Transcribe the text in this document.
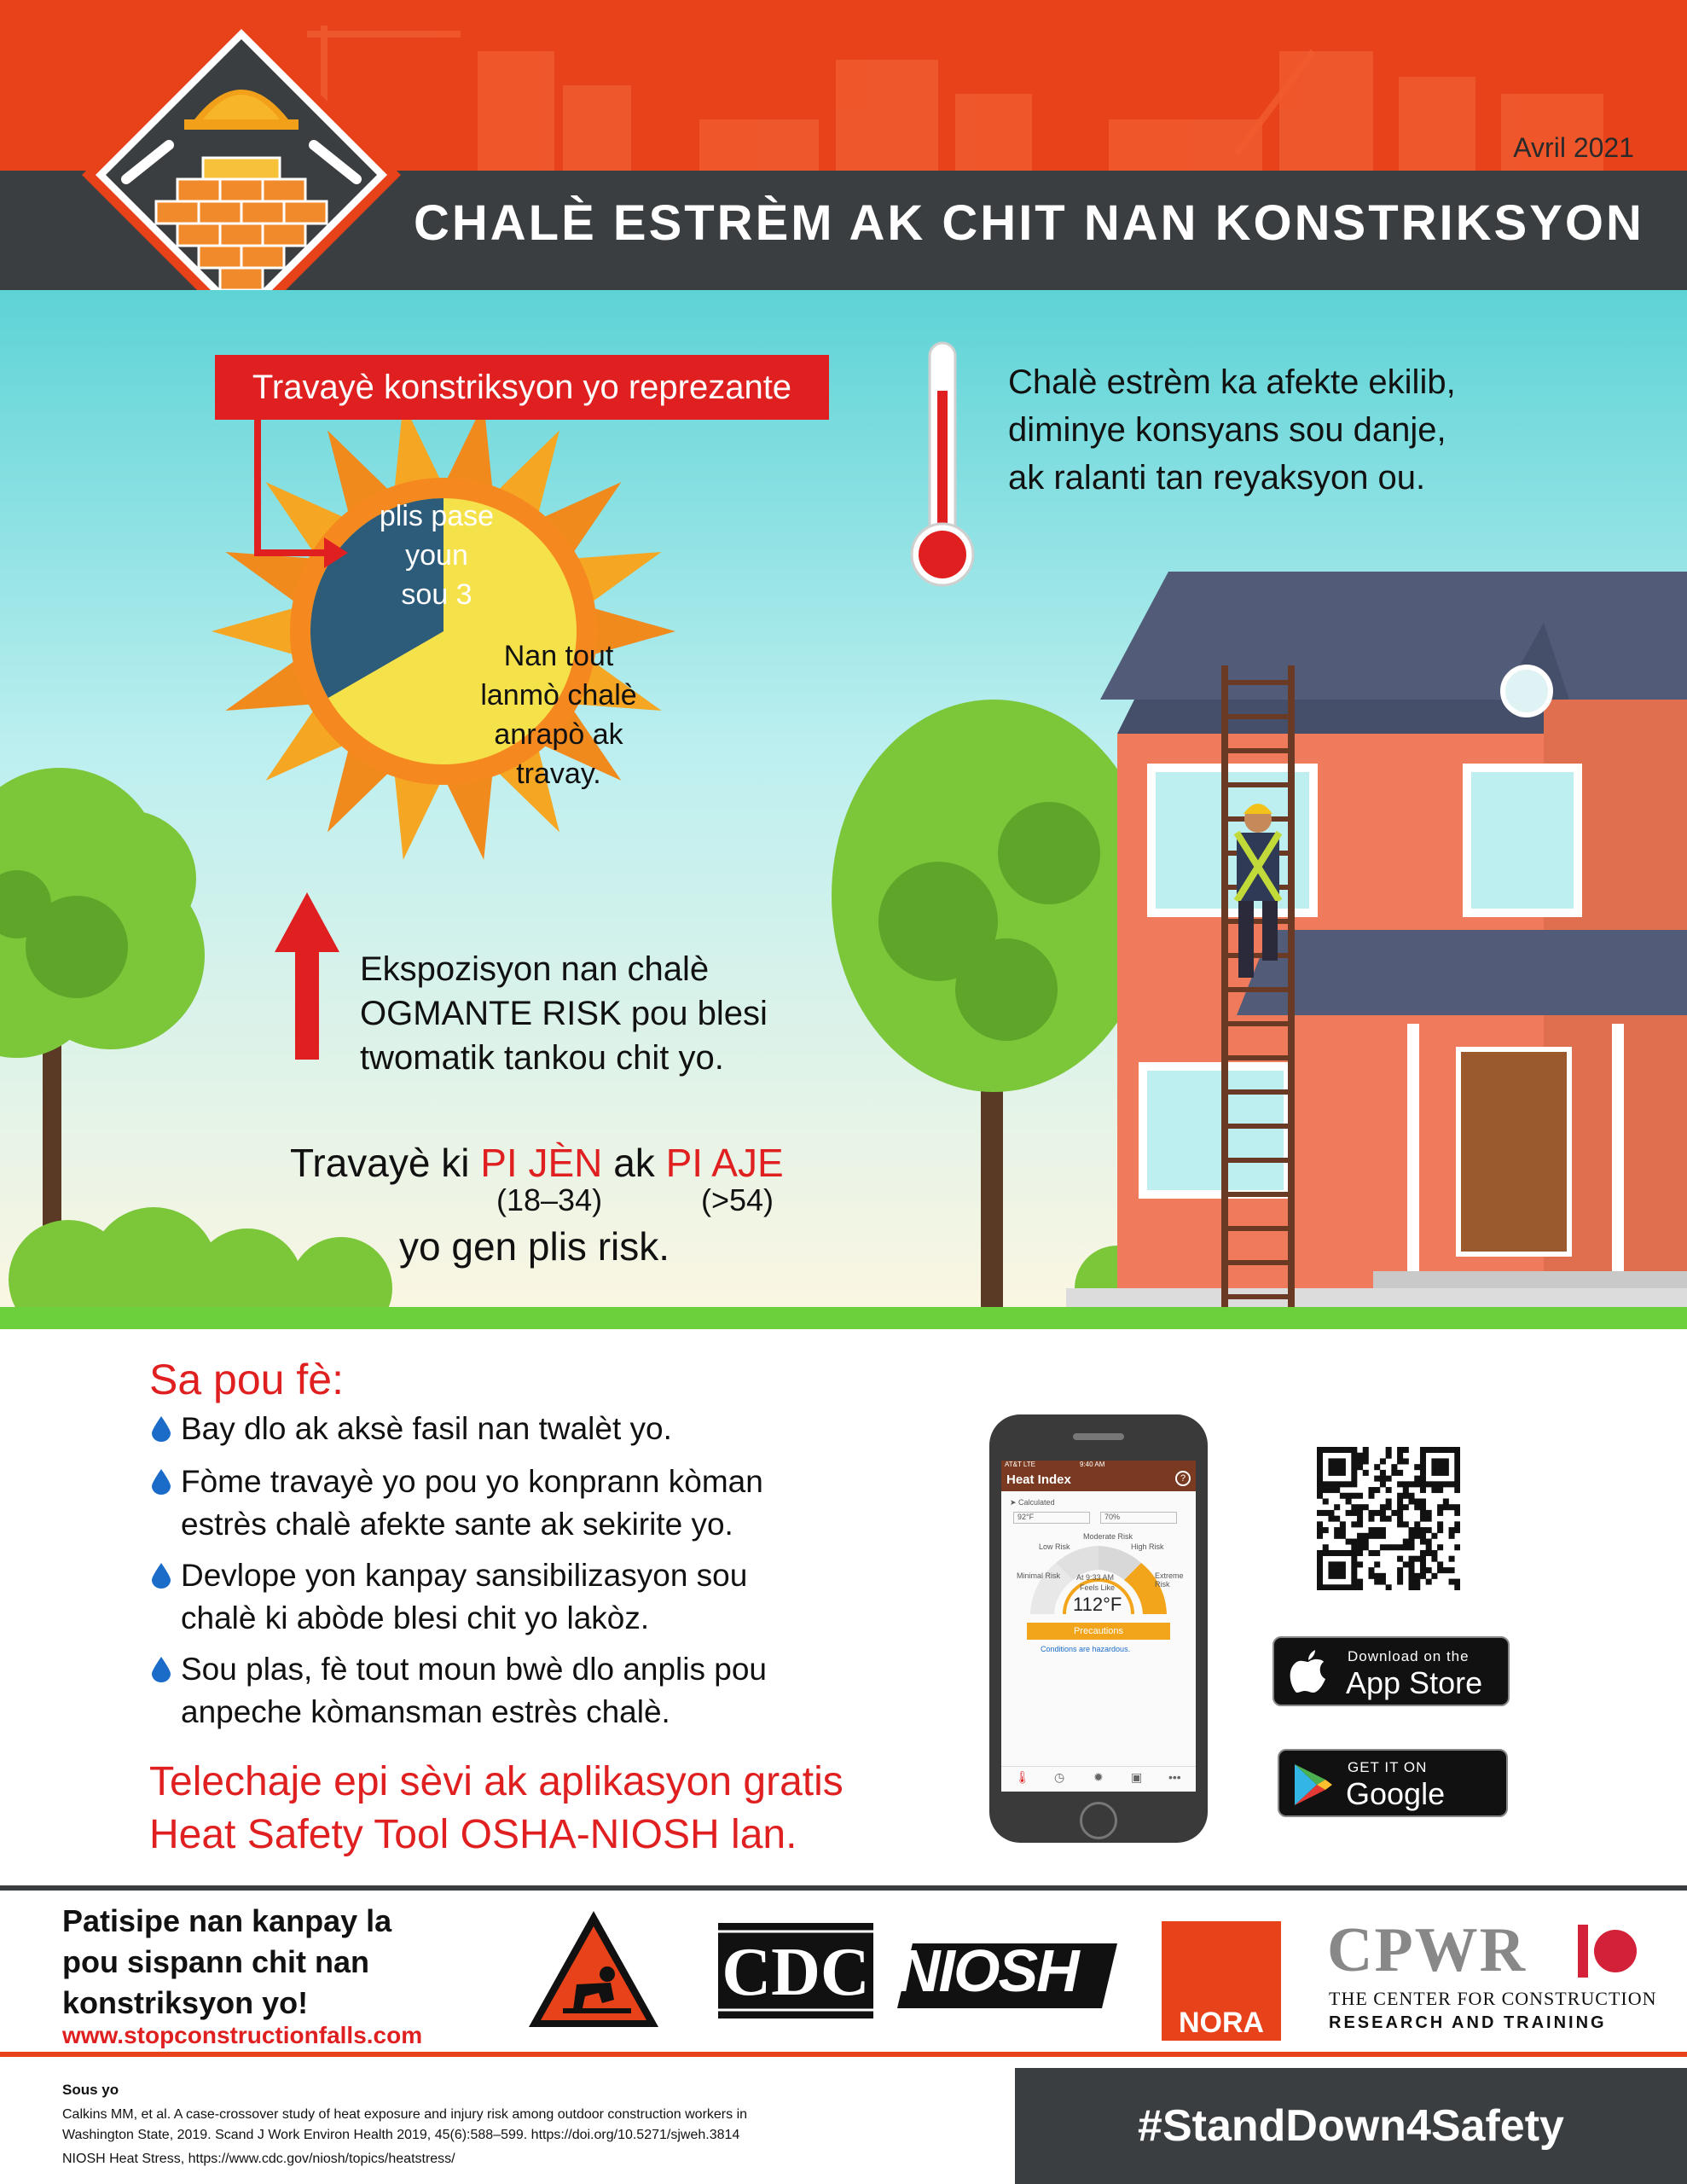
Avril 2021
CHALÈ ESTRÈM AK CHIT NAN KONSTRIKSYON
Travayè konstriksyon yo reprezante
plis pase
youn
sou 3
Nan tout
lanmò chalè
anrapò ak
travay.
Chalè estrèm ka afekte ekilib,
diminye konsyans sou danje,
ak ralanti tan reyaksyon ou.
Ekspozisyon nan chalè
OGMANTE RISK pou blesi
twomatik tankou chit yo.
Travayè ki PI JÈN ak PI AJE
(18–34)	(>54)
yo gen plis risk.
Sa pou fè:
Bay dlo ak aksè fasil nan twalèt yo.
Fòme travayè yo pou yo konprann kòman
estrès chalè afekte sante ak sekirite yo.
Devlope yon kanpay sansibilizasyon sou
chalè ki abòde blesi chit yo lakòz.
Sou plas, fè tout moun bwè dlo anplis pou
anpeche kòmansman estrès chalè.
Telechaje epi sèvi ak aplikasyon gratis
Heat Safety Tool OSHA-NIOSH lan.
AT&T LTE	9:40 AM
Heat Index	?
➤ Calculated
92°F	70%
Minimal Risk
Low Risk
Moderate Risk
High Risk
Extreme Risk
At 9:33 AM
Feels Like
112°F
Precautions
Conditions are hazardous.
🌡 ◷ ✹ ▣ •••
Download on the
App Store
GET IT ON
Google Play
Patisipe nan kanpay la
pou sispann chit nan
konstriksyon yo!
www.stopconstructionfalls.com
CDC NIOSH
NORA
CPWR
THE CENTER FOR CONSTRUCTION
RESEARCH AND TRAINING
Sous yo
Calkins MM, et al. A case-crossover study of heat exposure and injury risk among outdoor construction workers in
Washington State, 2019. Scand J Work Environ Health 2019, 45(6):588–599. https://doi.org/10.5271/sjweh.3814
NIOSH Heat Stress, https://www.cdc.gov/niosh/topics/heatstress/
#StandDown4Safety
